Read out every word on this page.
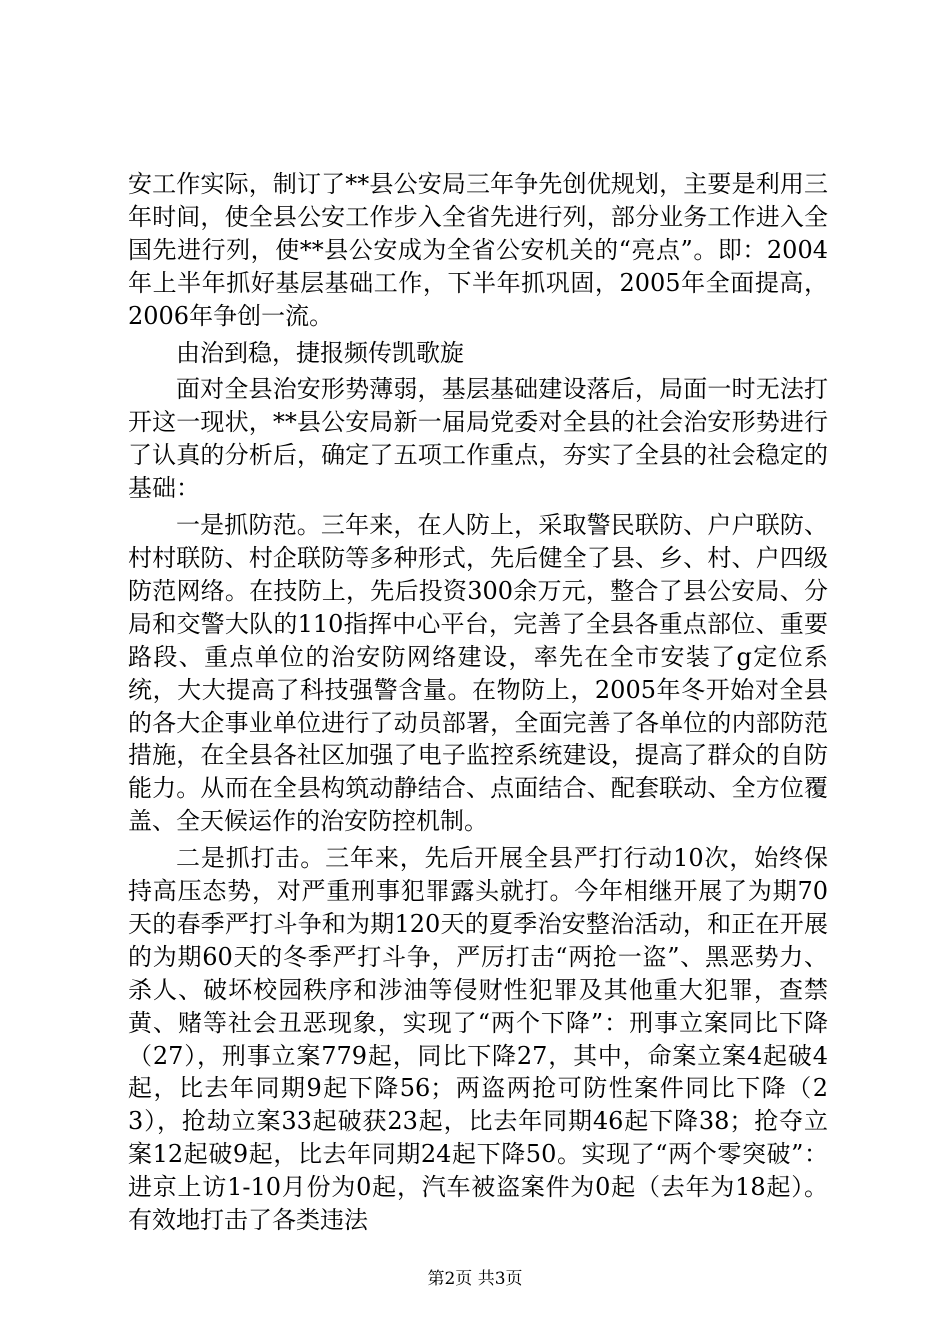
安工作实际，制订了**县公安局三年争先创优规划，主要是利用三年时间，使全县公安工作步入全省先进行列，部分业务工作进入全国先进行列，使**县公安成为全省公安机关的“亮点”。即：2004年上半年抓好基层基础工作，下半年抓巩固，2005年全面提高，2006年争创一流。

由治到稳，捷报频传凯歌旋

面对全县治安形势薄弱，基层基础建设落后，局面一时无法打开这一现状，**县公安局新一届局党委对全县的社会治安形势进行了认真的分析后，确定了五项工作重点，夯实了全县的社会稳定的基础：

一是抓防范。三年来，在人防上，采取警民联防、户户联防、村村联防、村企联防等多种形式，先后健全了县、乡、村、户四级防范网络。在技防上，先后投资300余万元，整合了县公安局、分局和交警大队的110指挥中心平台，完善了全县各重点部位、重要路段、重点单位的治安防网络建设，率先在全市安装了g定位系统，大大提高了科技强警含量。在物防上，2005年冬开始对全县的各大企事业单位进行了动员部署，全面完善了各单位的内部防范措施，在全县各社区加强了电子监控系统建设，提高了群众的自防能力。从而在全县构筑动静结合、点面结合、配套联动、全方位覆盖、全天候运作的治安防控机制。

二是抓打击。三年来，先后开展全县严打行动10次，始终保持高压态势，对严重刑事犯罪露头就打。今年相继开展了为期70天的春季严打斗争和为期120天的夏季治安整治活动，和正在开展的为期60天的冬季严打斗争，严厉打击“两抢一盗”、黑恶势力、杀人、破坏校园秩序和涉油等侵财性犯罪及其他重大犯罪，查禁黄、赌等社会丑恶现象，实现了“两个下降”：刑事立案同比下降（27），刑事立案779起，同比下降27，其中，命案立案4起破4起，比去年同期9起下降56；两盗两抢可防性案件同比下降（23），抢劫立案33起破获23起，比去年同期46起下降38；抢夺立案12起破9起，比去年同期24起下降50。实现了“两个零突破”：进京上访1-10月份为0起，汽车被盗案件为0起（去年为18起）。有效地打击了各类违法

第2页 共3页
